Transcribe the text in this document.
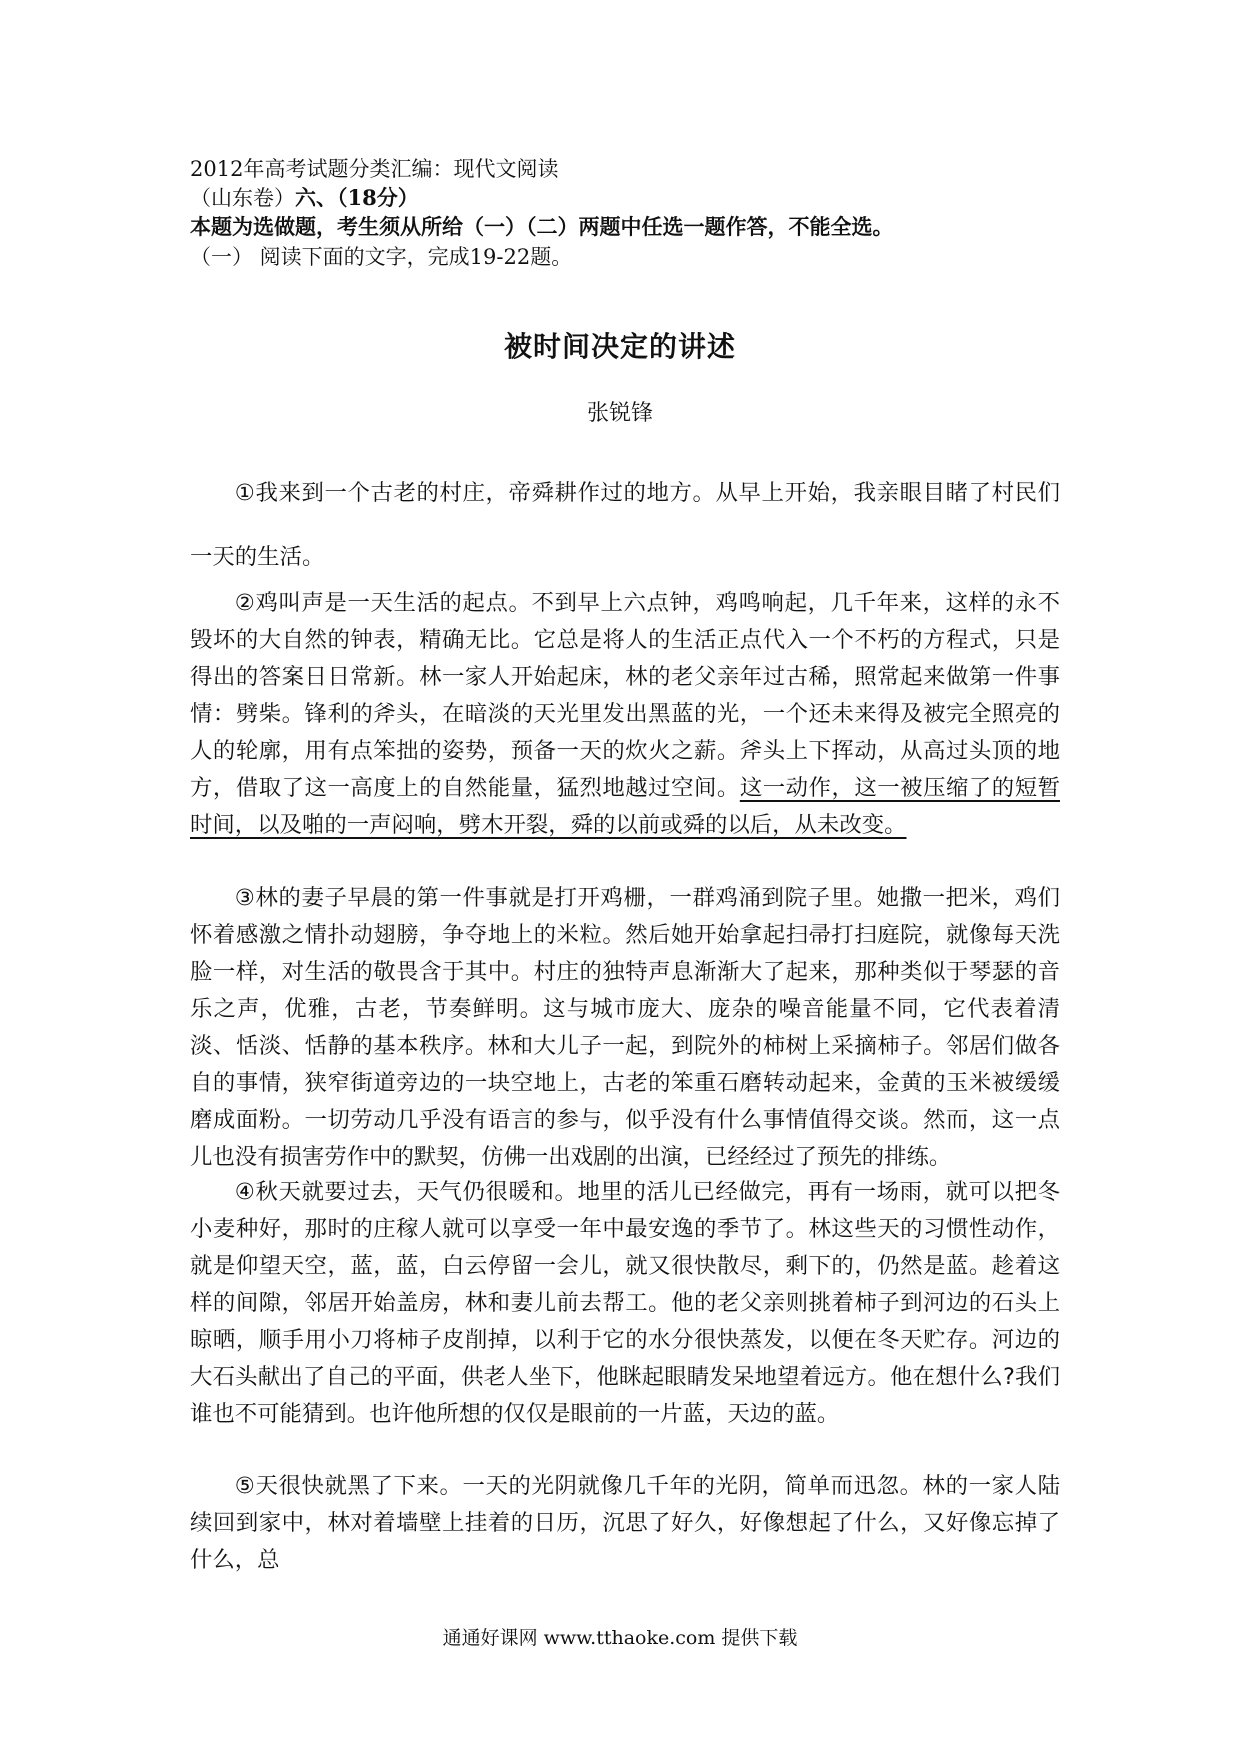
2012年高考试题分类汇编：现代文阅读
（山东卷）六、（18分）
本题为选做题，考生须从所给（一）（二）两题中任选一题作答，不能全选。
（一） 阅读下面的文字，完成19-22题。
被时间决定的讲述
张锐锋

①我来到一个古老的村庄，帝舜耕作过的地方。从早上开始，我亲眼目睹了村民们一天的生活。

②鸡叫声是一天生活的起点。不到早上六点钟，鸡鸣响起，几千年来，这样的永不毁坏的大自然的钟表，精确无比。它总是将人的生活正点代入一个不朽的方程式，只是得出的答案日日常新。林一家人开始起床，林的老父亲年过古稀，照常起来做第一件事情：劈柴。锋利的斧头，在暗淡的天光里发出黑蓝的光，一个还未来得及被完全照亮的人的轮廓，用有点笨拙的姿势，预备一天的炊火之薪。斧头上下挥动，从高过头顶的地方，借取了这一高度上的自然能量，猛烈地越过空间。这一动作，这一被压缩了的短暂时间，以及啪的一声闷响，劈木开裂，舜的以前或舜的以后，从未改变。

③林的妻子早晨的第一件事就是打开鸡栅，一群鸡涌到院子里。她撒一把米，鸡们怀着感激之情扑动翅膀，争夺地上的米粒。然后她开始拿起扫帚打扫庭院，就像每天洗脸一样，对生活的敬畏含于其中。村庄的独特声息渐渐大了起来，那种类似于琴瑟的音乐之声，优雅，古老，节奏鲜明。这与城市庞大、庞杂的噪音能量不同，它代表着清淡、恬淡、恬静的基本秩序。林和大儿子一起，到院外的柿树上采摘柿子。邻居们做各自的事情，狭窄街道旁边的一块空地上，古老的笨重石磨转动起来，金黄的玉米被缓缓磨成面粉。一切劳动几乎没有语言的参与，似乎没有什么事情值得交谈。然而，这一点儿也没有损害劳作中的默契，仿佛一出戏剧的出演，已经经过了预先的排练。

④秋天就要过去，天气仍很暖和。地里的活儿已经做完，再有一场雨，就可以把冬小麦种好，那时的庄稼人就可以享受一年中最安逸的季节了。林这些天的习惯性动作，就是仰望天空，蓝，蓝，白云停留一会儿，就又很快散尽，剩下的，仍然是蓝。趁着这样的间隙，邻居开始盖房，林和妻儿前去帮工。他的老父亲则挑着柿子到河边的石头上晾晒，顺手用小刀将柿子皮削掉，以利于它的水分很快蒸发，以便在冬天贮存。河边的大石头献出了自己的平面，供老人坐下，他眯起眼睛发呆地望着远方。他在想什么?我们谁也不可能猜到。也许他所想的仅仅是眼前的一片蓝，天边的蓝。

⑤天很快就黑了下来。一天的光阴就像几千年的光阴，简单而迅忽。林的一家人陆续回到家中，林对着墙壁上挂着的日历，沉思了好久，好像想起了什么，又好像忘掉了什么，总

通通好课网 www.tthaoke.com 提供下载
